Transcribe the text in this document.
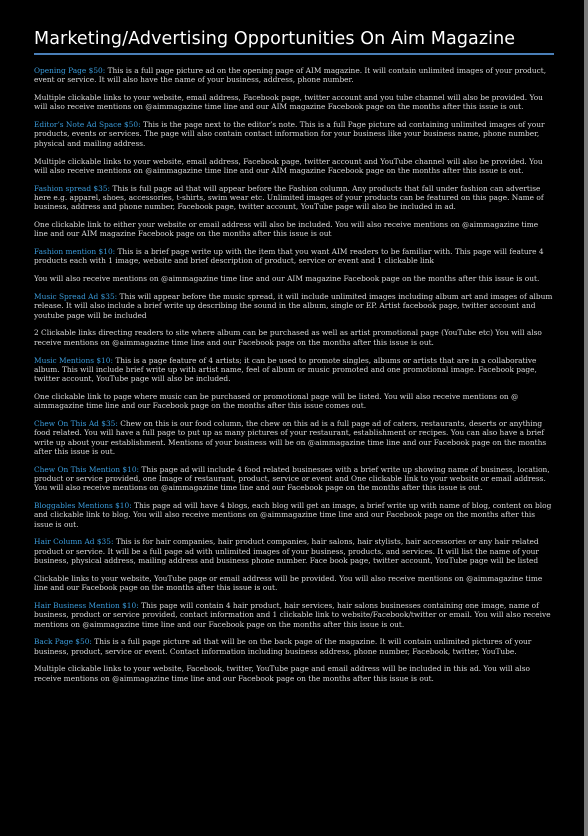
Marketing/Advertising Opportunities On Aim Magazine

Opening Page $50: This is a full page picture ad on the opening page of AIM magazine. It will contain unlimited images of your product, event or service. It will also have the name of your business, address, phone number.

Multiple clickable links to your website, email address, Facebook page, twitter account and you tube channel will also be provided. You will also receive mentions on @aimmagazine time line and our AIM magazine Facebook page on the months after this issue is out.

Editor’s Note Ad Space $50: This is the page next to the editor’s note. This is a full Page picture ad containing unlimited images of your products, events or services. The page will also contain contact information for your business like your business name, phone number, physical and mailing address.

Multiple clickable links to your website, email address, Facebook page, twitter account and YouTube channel will also be provided. You will also receive mentions on @aimmagazine time line and our AIM magazine Facebook page on the months after this issue is out.

Fashion spread $35: This is full page ad that will appear before the Fashion column. Any products that fall under fashion can advertise here e.g. apparel, shoes, accessories, t-shirts, swim wear etc. Unlimited images of your products can be featured on this page. Name of business, address and phone number, Facebook page, twitter account, YouTube page will also be included in ad.

One clickable link to either your website or email address will also be included. You will also receive mentions on @aimmagazine time line and our AIM magazine Facebook page on the months after this issue is out

Fashion mention $10: This is a brief page write up with the item that you want AIM readers to be familiar with. This page will feature 4 products each with 1 image, website and brief description of product, service or event and 1 clickable link

You will also receive mentions on @aimmagazine time line and our AIM magazine Facebook page on the months after this issue is out.

Music Spread Ad $35: This will appear before the music spread, it will include unlimited images including album art and images of album release. It will also include a brief write up describing the sound in the album, single or EP. Artist facebook page, twitter account and youtube page will be included

2 Clickable links directing readers to site where album can be purchased as well as artist promotional page (YouTube etc) You will also receive mentions on @aimmagazine time line and our Facebook page on the months after this issue is out.

Music Mentions $10: This is a page feature of 4 artists; it can be used to promote singles, albums or artists that are in a collaborative album. This will include brief write up with artist name, feel of album or music promoted and one promotional image. Facebook page, twitter account, YouTube page will also be included.

One clickable link to page where music can be purchased or promotional page will be listed. You will also receive mentions on @ aimmagazine time line and our Facebook page on the months after this issue comes out.

Chew On This Ad $35: Chew on this is our food column, the chew on this ad is a full page ad of caters, restaurants, deserts or anything food related. You will have a full page to put up as many pictures of your restaurant, establishment or recipes. You can also have a brief write up about your establishment. Mentions of your business will be on @aimmagazine time line and our Facebook page on the months after this issue is out.

Chew On This Mention $10: This page ad will include 4 food related businesses with a brief write up showing name of business, location, product or service provided, one Image of restaurant, product, service or event and One clickable link to your website or email address. You will also receive mentions on @aimmagazine time line and our Facebook page on the months after this issue is out.

Bloggables Mentions $10: This page ad will have 4 blogs, each blog will get an image, a brief write up with name of blog, content on blog and clickable link to blog. You will also receive mentions on @aimmagazine time line and our Facebook page on the months after this issue is out.

Hair Column Ad $35: This is for hair companies, hair product companies, hair salons, hair stylists, hair accessories or any hair related product or service. It will be a full page ad with unlimited images of your business, products, and services. It will list the name of your business, physical address, mailing address and business phone number. Face book page, twitter account, YouTube page will be listed

Clickable links to your website, YouTube page or email address will be provided. You will also receive mentions on @aimmagazine time line and our Facebook page on the months after this issue is out.

Hair Business Mention $10: This page will contain 4 hair product, hair services, hair salons businesses containing one image, name of business, product or service provided, contact information and 1 clickable link to website/Facebook/twitter or email. You will also receive mentions on @aimmagazine time line and our Facebook page on the months after this issue is out.

Back Page $50: This is a full page picture ad that will be on the back page of the magazine. It will contain unlimited pictures of your business, product, service or event. Contact information including business address, phone number, Facebook, twitter, YouTube.

Multiple clickable links to your website, Facebook, twitter, YouTube page and email address will be included in this ad. You will also receive mentions on @aimmagazine time line and our Facebook page on the months after this issue is out.
